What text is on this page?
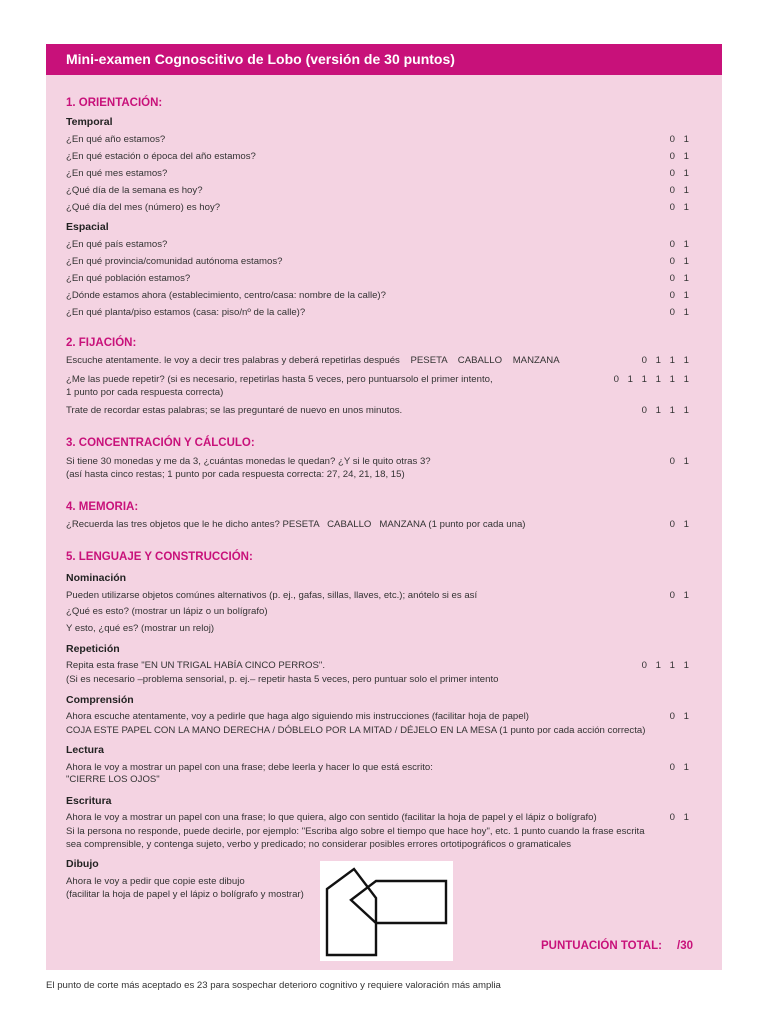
Mini-examen Cognoscitivo de Lobo (versión de 30 puntos)
1. ORIENTACIÓN:
Temporal
¿En qué año estamos?	0 1
¿En qué estación o época del año estamos?	0 1
¿En qué mes estamos?	0 1
¿Qué día de la semana es hoy?	0 1
¿Qué día del mes (número) es hoy?	0 1
Espacial
¿En qué país estamos?	0 1
¿En qué provincia/comunidad autónoma estamos?	0 1
¿En qué población estamos?	0 1
¿Dónde estamos ahora (establecimiento, centro/casa: nombre de la calle)?	0 1
¿En qué planta/piso estamos (casa: piso/nº de la calle)?	0 1
2. FIJACIÓN:
Escuche atentamente. le voy a decir tres palabras y deberá repetirlas después    PESETA    CABALLO    MANZANA	0 1 1 1
¿Me las puede repetir? (si es necesario, repetirlas hasta 5 veces, pero puntuarsolo el primer intento,	0 1 1 1 1 1
1 punto por cada respuesta correcta)
Trate de recordar estas palabras; se las preguntaré de nuevo en unos minutos.	0 1 1 1
3. CONCENTRACIÓN Y CÁLCULO:
Si tiene 30 monedas y me da 3, ¿cuántas monedas le quedan? ¿Y si le quito otras 3?	0 1
(así hasta cinco restas; 1 punto por cada respuesta correcta: 27, 24, 21, 18, 15)
4. MEMORIA:
¿Recuerda las tres objetos que le he dicho antes? PESETA   CABALLO   MANZANA (1 punto por cada una)	0 1
5. LENGUAJE Y CONSTRUCCIÓN:
Nominación
Pueden utilizarse objetos comúnes alternativos (p. ej., gafas, sillas, llaves, etc.); anótelo si es así	0 1
¿Qué es esto? (mostrar un lápiz o un bolígrafo)
Y esto, ¿qué es? (mostrar un reloj)
Repetición
Repita esta frase "EN UN TRIGAL HABÍA CINCO PERROS".	0 1 1 1
(Si es necesario –problema sensorial, p. ej.– repetir hasta 5 veces, pero puntuar solo el primer intento
Comprensión
Ahora escuche atentamente, voy a pedirle que haga algo siguiendo mis instrucciones (facilitar hoja de papel)	0 1
COJA ESTE PAPEL CON LA MANO DERECHA / DÓBLELO POR LA MITAD / DÉJELO EN LA MESA (1 punto por cada acción correcta)
Lectura
Ahora le voy a mostrar un papel con una frase; debe leerla y hacer lo que está escrito:	0 1
"CIERRE LOS OJOS"
Escritura
Ahora le voy a mostrar un papel con una frase; lo que quiera, algo con sentido (facilitar la hoja de papel y el lápiz o bolígrafo)	0 1
Si la persona no responde, puede decirle, por ejemplo: "Escriba algo sobre el tiempo que hace hoy", etc. 1 punto cuando la frase escrita
sea comprensible, y contenga sujeto, verbo y predicado; no considerar posibles errores ortotipográficos o gramaticales
Dibujo
Ahora le voy a pedir que copie este dibujo
(facilitar la hoja de papel y el lápiz o bolígrafo y mostrar)
PUNTUACIÓN TOTAL: /30
El punto de corte más aceptado es 23 para sospechar deterioro cognitivo y requiere valoración más amplia
